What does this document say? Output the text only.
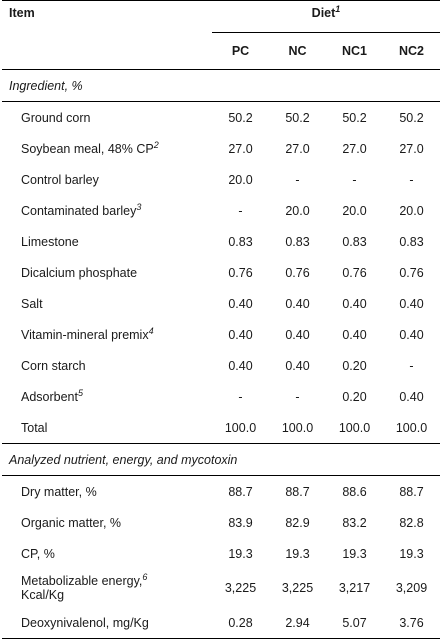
Item	Diet$^1$
	PC	NC	NC1	NC2
Ingredient, %				
Ground corn	50.2	50.2	50.2	50.2
Soybean meal, 48% $CP^2$	27.0	27.0	27.0	27.0
Control barley	20.0	-	-	-
Contaminated barley$^3$	-	20.0	20.0	20.0
Limestone	0.83	0.83	0.83	0.83
Dicalcium phosphate	0.76	0.76	0.76	0.76
Salt	0.40	0.40	0.40	0.40
Vitamin-mineral premix$^4$	0.40	0.40	0.40	0.40
Corn starch	0.40	0.40	0.20	-
Adsorbent$^5$	-	-	0.20	0.40
Total	100.0	100.0	100.0	100.0
Analyzed nutrient, energy, and mycotoxin				
Dry matter, %	88.7	88.7	88.6	88.7
Organic matter, %	83.9	82.9	83.2	82.8
CP, %	19.3	19.3	19.3	19.3
Metabolizable energy,$^6$
Kcal/Kg	3,225	3,225	3,217	3,209
Deoxynivalenol, mg/Kg	0.28	2.94	5.07	3.76
